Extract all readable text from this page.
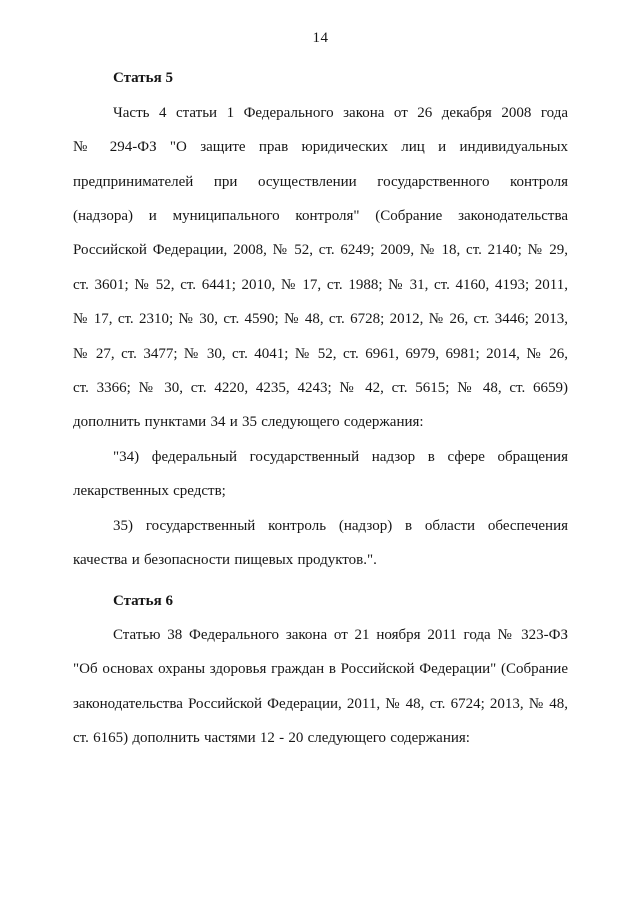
14
Статья 5
Часть 4 статьи 1 Федерального закона от 26 декабря 2008 года
№ 294-ФЗ "О защите прав юридических лиц и индивидуальных
предпринимателей при осуществлении государственного контроля
(надзора) и муниципального контроля" (Собрание законодательства
Российской Федерации, 2008, № 52, ст. 6249; 2009, № 18, ст. 2140; № 29,
ст. 3601; № 52, ст. 6441; 2010, № 17, ст. 1988; № 31, ст. 4160, 4193; 2011,
№ 17, ст. 2310; № 30, ст. 4590; № 48, ст. 6728; 2012, № 26, ст. 3446; 2013,
№ 27, ст. 3477; № 30, ст. 4041; № 52, ст. 6961, 6979, 6981; 2014, № 26,
ст. 3366; № 30, ст. 4220, 4235, 4243; № 42, ст. 5615; № 48, ст. 6659)
дополнить пунктами 34 и 35 следующего содержания:
"34) федеральный государственный надзор в сфере обращения
лекарственных средств;
35) государственный контроль (надзор) в области обеспечения
качества и безопасности пищевых продуктов.".
Статья 6
Статью 38 Федерального закона от 21 ноября 2011 года № 323-ФЗ
"Об основах охраны здоровья граждан в Российской Федерации" (Собрание
законодательства Российской Федерации, 2011, № 48, ст. 6724; 2013, № 48,
ст. 6165) дополнить частями 12 - 20 следующего содержания:
